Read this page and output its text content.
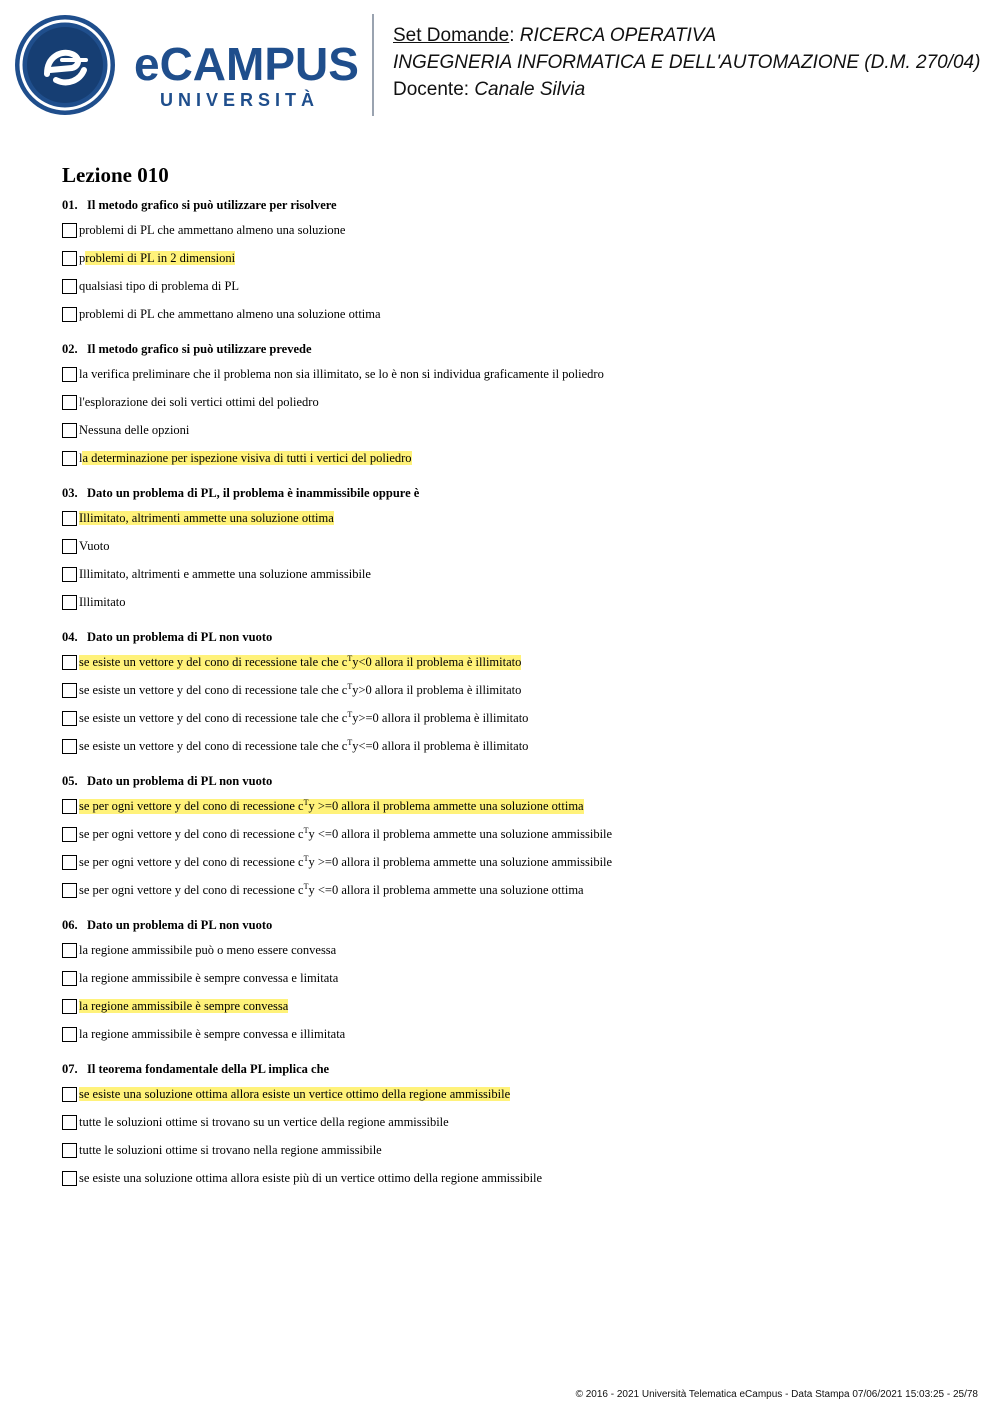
eCAMPUS
UNIVERSITÀ
Set Domande: RICERCA OPERATIVA
INGEGNERIA INFORMATICA E DELL'AUTOMAZIONE (D.M. 270/04)
Docente: Canale Silvia
Lezione 010
01. Il metodo grafico si può utilizzare per risolvere
problemi di PL che ammettano almeno una soluzione
problemi di PL in 2 dimensioni
qualsiasi tipo di problema di PL
problemi di PL che ammettano almeno una soluzione ottima
02. Il metodo grafico si può utilizzare prevede
la verifica preliminare che il problema non sia illimitato, se lo è non si individua graficamente il poliedro
l'esplorazione dei soli vertici ottimi del poliedro
Nessuna delle opzioni
la determinazione per ispezione visiva di tutti i vertici del poliedro
03. Dato un problema di PL, il problema è inammissibile oppure è
Illimitato, altrimenti ammette una soluzione ottima
Vuoto
Illimitato, altrimenti e ammette una soluzione ammissibile
Illimitato
04. Dato un problema di PL non vuoto
se esiste un vettore y del cono di recessione tale che $c^Ty<0$ allora il problema è illimitato
se esiste un vettore y del cono di recessione tale che $c^Ty>0$ allora il problema è illimitato
se esiste un vettore y del cono di recessione tale che $c^Ty>=0$ allora il problema è illimitato
se esiste un vettore y del cono di recessione tale che $c^Ty<=0$ allora il problema è illimitato
05. Dato un problema di PL non vuoto
se per ogni vettore y del cono di recessione $c^Ty >=0$ allora il problema ammette una soluzione ottima
se per ogni vettore y del cono di recessione $c^Ty <=0$ allora il problema ammette una soluzione ammissibile
se per ogni vettore y del cono di recessione $c^Ty >=0$ allora il problema ammette una soluzione ammissibile
se per ogni vettore y del cono di recessione $c^Ty <=0$ allora il problema ammette una soluzione ottima
06. Dato un problema di PL non vuoto
la regione ammissibile può o meno essere convessa
la regione ammissibile è sempre convessa e limitata
la regione ammissibile è sempre convessa
la regione ammissibile è sempre convessa e illimitata
07. Il teorema fondamentale della PL implica che
se esiste una soluzione ottima allora esiste un vertice ottimo della regione ammissibile
tutte le soluzioni ottime si trovano su un vertice della regione ammissibile
tutte le soluzioni ottime si trovano nella regione ammissibile
se esiste una soluzione ottima allora esiste più di un vertice ottimo della regione ammissibile
© 2016 - 2021 Università Telematica eCampus - Data Stampa 07/06/2021 15:03:25 - 25/78
